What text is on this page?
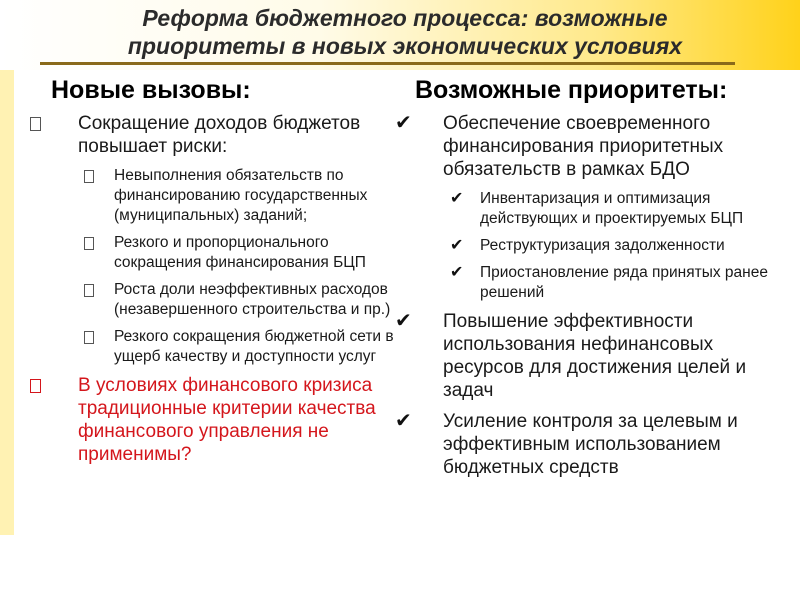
Реформа бюджетного процесса: возможные
приоритеты в новых экономических условиях
Новые вызовы:	Возможные приоритеты:
Сокращение доходов бюджетов повышает риски:
Невыполнения обязательств по финансированию государственных (муниципальных) заданий;
Резкого и пропорционального сокращения финансирования БЦП
Роста доли неэффективных расходов (незавершенного строительства и пр.)
Резкого сокращения бюджетной сети в ущерб качеству и доступности услуг
В условиях финансового кризиса традиционные критерии качества финансового управления не применимы?
✔ Обеспечение своевременного финансирования приоритетных обязательств в рамках БДО
✔ Инвентаризация и оптимизация действующих и проектируемых БЦП
✔ Реструктуризация задолженности
✔ Приостановление ряда принятых ранее решений
✔ Повышение эффективности использования нефинансовых ресурсов для достижения целей и задач
✔ Усиление контроля за целевым и эффективным использованием бюджетных средств
